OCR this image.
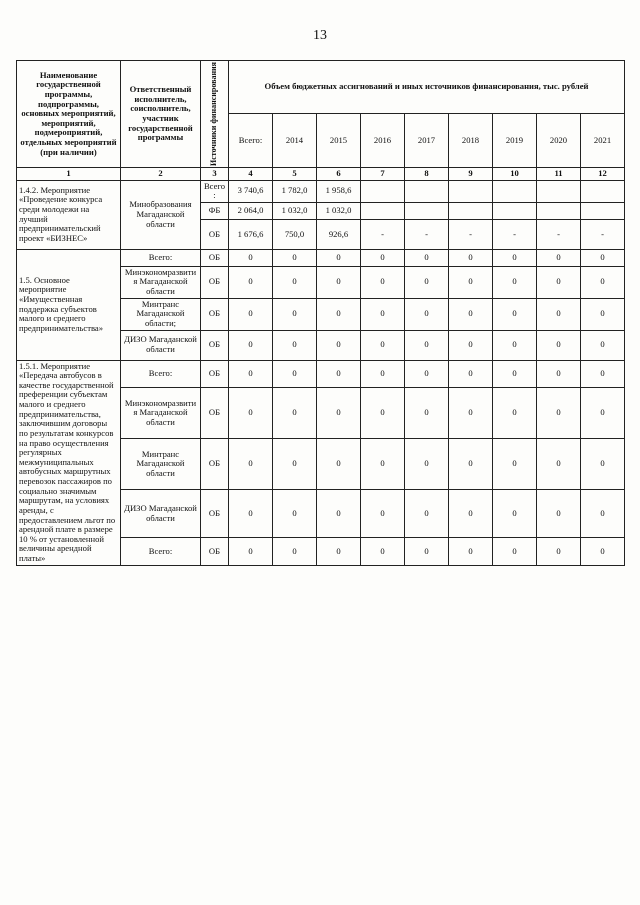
13
Наименование государственной программы, подпрограммы, основных мероприятий, мероприятий, подмероприятий, отдельных мероприятий (при наличии)	Ответственный исполнитель, соисполнитель, участник государственной программы	Источники финансирования	Объем бюджетных ассигнований и иных источников финансирования, тыс. рублей								
			Всего:	2014	2015	2016	2017	2018	2019	2020	2021
1	2	3	4	5	6	7	8	9	10	11	12
1.4.2. Мероприятие «Проведение конкурса среди молодежи на лучший предпринимательский проект «БИЗНЕС»	Минобразования Магаданской области	Всего:	3 740,6	1 782,0	1 958,6						
		ФБ	2 064,0	1 032,0	1 032,0						
		ОБ	1 676,6	750,0	926,6	-	-	-	-	-	-
1.5. Основное мероприятие «Имущественная поддержка субъектов малого и среднего предпринимательства»	Всего:	ОБ	0	0	0	0	0	0	0	0	0
	Минэкономразвития Магаданской области	ОБ	0	0	0	0	0	0	0	0	0
	Минтранс Магаданской области;	ОБ	0	0	0	0	0	0	0	0	0
	ДИЗО Магаданской области	ОБ	0	0	0	0	0	0	0	0	0
1.5.1. Мероприятие «Передача автобусов в качестве государственной преференции субъектам малого и среднего предпринимательства, заключившим договоры по результатам конкурсов на право осуществления регулярных межмуниципальных автобусных маршрутных перевозок пассажиров по социально значимым маршрутам, на условиях аренды, с предоставлением льгот по арендной плате в размере 10 % от установленной величины арендной платы»	Всего:	ОБ	0	0	0	0	0	0	0	0	0
	Минэкономразвития Магаданской области	ОБ	0	0	0	0	0	0	0	0	0
	Минтранс Магаданской области	ОБ	0	0	0	0	0	0	0	0	0
	ДИЗО Магаданской области	ОБ	0	0	0	0	0	0	0	0	0
	Всего:	ОБ	0	0	0	0	0	0	0	0	0
